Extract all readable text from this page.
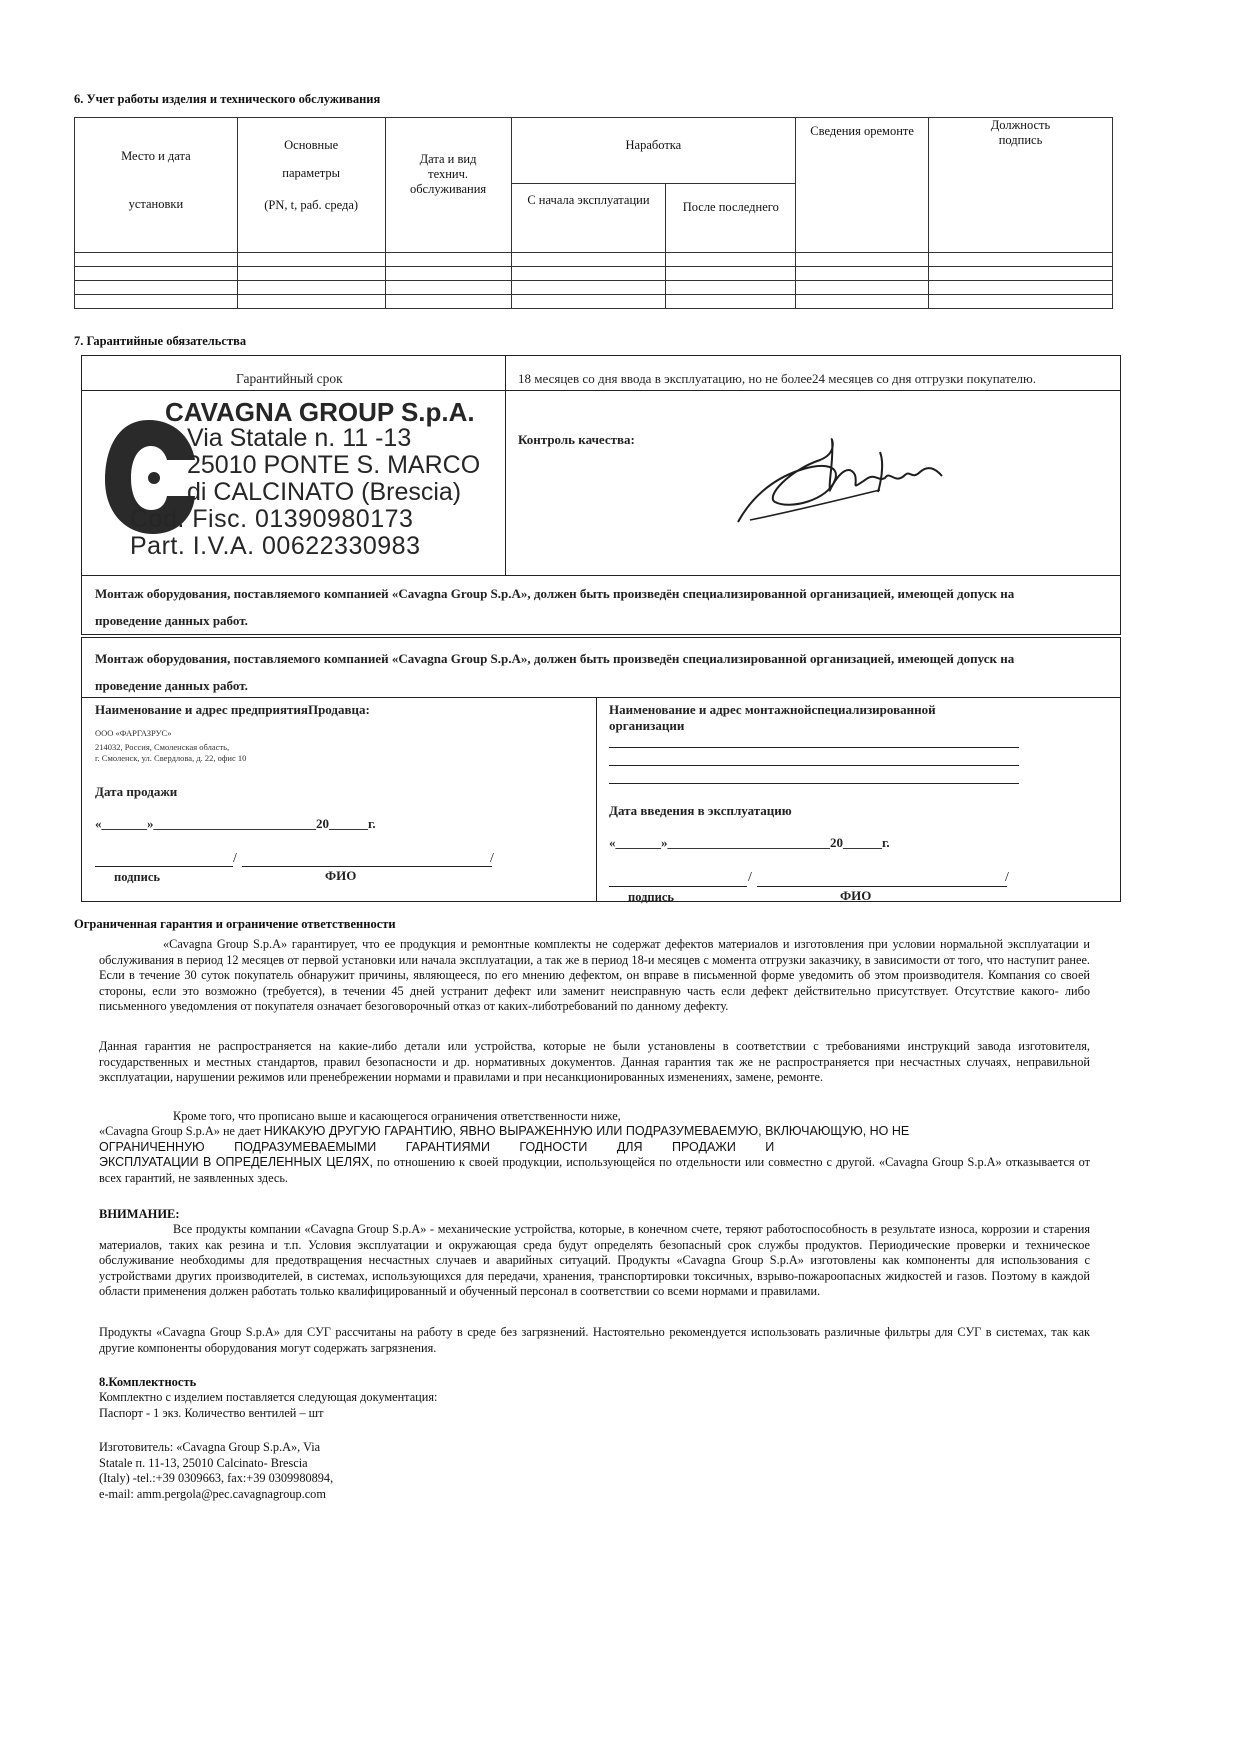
6. Учет работы изделия и технического обслуживания
Место и дата
установки

Основные
параметры
(PN, t, раб. среда)

Дата и вид технич. обслуживания

Наработка

Сведения оремонте	Должность подпись

С начала эксплуатации	После последнего

7. Гарантийные обязательства
Гарантийный срок	18 месяцев со дня ввода в эксплуатацию, но не более24 месяцев со дня отгрузки покупателю.
CAVAGNA GROUP S.p.A.
Via Statale n. 11 -13
25010 PONTE S. MARCO
di CALCINATO (Brescia)
Cod. Fisc. 01390980173
Part. I.V.A. 00622330983
Контроль качества:
Монтаж оборудования, поставляемого компанией «Cavagna Group S.p.A», должен быть произведён специализированной организацией, имеющей допуск на
проведение данных работ.
Монтаж оборудования, поставляемого компанией «Cavagna Group S.p.A», должен быть произведён специализированной организацией, имеющей допуск на
проведение данных работ.
Наименование и адрес предприятияПродавца:
ООО «ФАРГАЗРУС»
214032, Россия, Смоленская область,
г. Смоленск, ул. Свердлова, д. 22, офис 10
Дата продажи
«_______»_________________________20______г.
/	/
подпись	ФИО
Наименование и адрес монтажнойспециализированной
организации
Дата введения в эксплуатацию
«_______»_________________________20______г.
/	/
подпись	ФИО
Ограниченная гарантия и ограничение ответственности
«Cavagna Group S.p.A» гарантирует, что ее продукция и ремонтные комплекты не содержат дефектов материалов и изготовления при условии нормальной эксплуатации и обслуживания в период 12 месяцев от первой установки или начала эксплуатации, а так же в период 18-и месяцев с момента отгрузки заказчику, в зависимости от того, что наступит ранее. Если в течение 30 суток покупатель обнаружит причины, являющееся, по его мнению дефектом, он вправе в письменной форме уведомить об этом производителя. Компания со своей стороны, если это возможно (требуется), в течении 45 дней устранит дефект или заменит неисправную часть если дефект действительно присутствует. Отсутствие какого- либо письменного уведомления от покупателя означает безоговорочный отказ от каких-либотребований по данному дефекту.
Данная гарантия не распространяется на какие-либо детали или устройства, которые не были установлены в соответствии с требованиями инструкций завода изготовителя, государственных и местных стандартов, правил безопасности и др. нормативных документов. Данная гарантия так же не распространяется при несчастных случаях, неправильной эксплуатации, нарушении режимов или пренебрежении нормами и правилами и при несанкционированных изменениях, замене, ремонте.
Кроме того, что прописано выше и касающегося ограничения ответственности ниже,
«Cavagna Group S.p.A» не дает НИКАКУЮ ДРУГУЮ ГАРАНТИЮ, ЯВНО ВЫРАЖЕННУЮ ИЛИ ПОДРАЗУМЕВАЕМУЮ, ВКЛЮЧАЮЩУЮ, НО НЕ
ОГРАНИЧЕННУЮ ПОДРАЗУМЕВАЕМЫМИ ГАРАНТИЯМИ ГОДНОСТИ ДЛЯ ПРОДАЖИ И
ЭКСПЛУАТАЦИИ В ОПРЕДЕЛЕННЫХ ЦЕЛЯХ, по отношению к своей продукции, использующейся по отдельности или совместно с другой. «Cavagna Group S.p.A» отказывается от всех гарантий, не заявленных здесь.
ВНИМАНИЕ:
Все продукты компании «Cavagna Group S.p.A» - механические устройства, которые, в конечном счете, теряют работоспособность в результате износа, коррозии и старения материалов, таких как резина и т.п. Условия эксплуатации и окружающая среда будут определять безопасный срок службы продуктов. Периодические проверки и техническое обслуживание необходимы для предотвращения несчастных случаев и аварийных ситуаций. Продукты «Cavagna Group S.p.A» изготовлены как компоненты для использования с устройствами других производителей, в системах, использующихся для передачи, хранения, транспортировки токсичных, взрыво-пожароопасных жидкостей и газов. Поэтому в каждой области применения должен работать только квалифицированный и обученный персонал в соответствии со всеми нормами и правилами.
Продукты «Cavagna Group S.p.A» для СУГ рассчитаны на работу в среде без загрязнений. Настоятельно рекомендуется использовать различные фильтры для СУГ в системах, так как другие компоненты оборудования могут содержать загрязнения.
8.Комплектность
Комплектно с изделием поставляется следующая документация:
Паспорт - 1 экз. Количество вентилей – шт
Изготовитель: «Cavagna Group S.p.A», Via
Statale п. 11-13, 25010 Calcinato- Brescia
(Italy) -tel.:+39 0309663, fax:+39 0309980894,
e-mail: amm.pergola@pec.cavagnagroup.com
